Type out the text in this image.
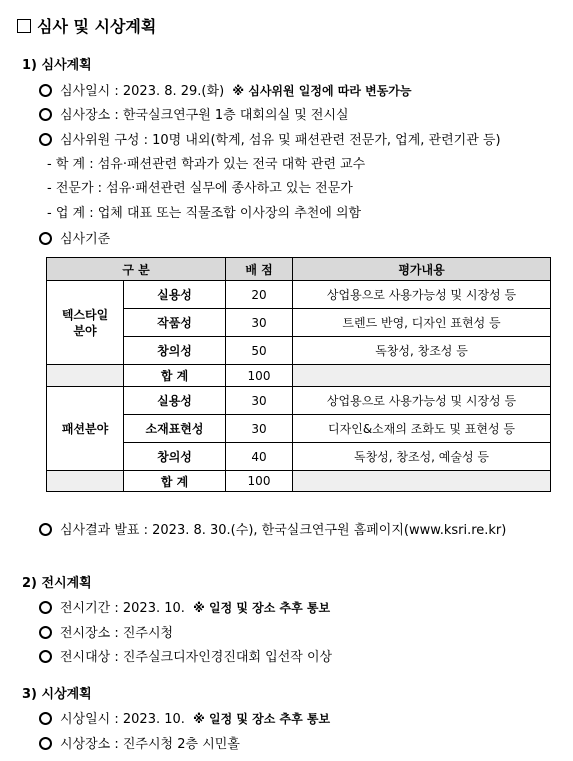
심사 및 시상계획
1) 심사계획
심사일시 : 2023. 8. 29.(화) ※ 심사위원 일정에 따라 변동가능
심사장소 : 한국실크연구원 1층 대회의실 및 전시실
심사위원 구성 : 10명 내외(학계, 섬유 및 패션관련 전문가, 업계, 관련기관 등)
- 학 계 : 섬유·패션관련 학과가 있는 전국 대학 관련 교수
- 전문가 : 섬유·패션관련 실무에 종사하고 있는 전문가
- 업 계 : 업체 대표 또는 직물조합 이사장의 추천에 의함
심사기준
구 분		배 점	평가내용
텍스타일
분야	실용성	20	상업용으로 사용가능성 및 시장성 등
	작품성	30	트렌드 반영, 디자인 표현성 등
	창의성	50	독창성, 창조성 등
	합 계	100	
패션분야	실용성	30	상업용으로 사용가능성 및 시장성 등
	소재표현성	30	디자인&소재의 조화도 및 표현성 등
	창의성	40	독창성, 창조성, 예술성 등
	합 계	100	
심사결과 발표 : 2023. 8. 30.(수), 한국실크연구원 홈페이지(www.ksri.re.kr)
2) 전시계획
전시기간 : 2023. 10. ※ 일정 및 장소 추후 통보
전시장소 : 진주시청
전시대상 : 진주실크디자인경진대회 입선작 이상
3) 시상계획
시상일시 : 2023. 10. ※ 일정 및 장소 추후 통보
시상장소 : 진주시청 2층 시민홀
